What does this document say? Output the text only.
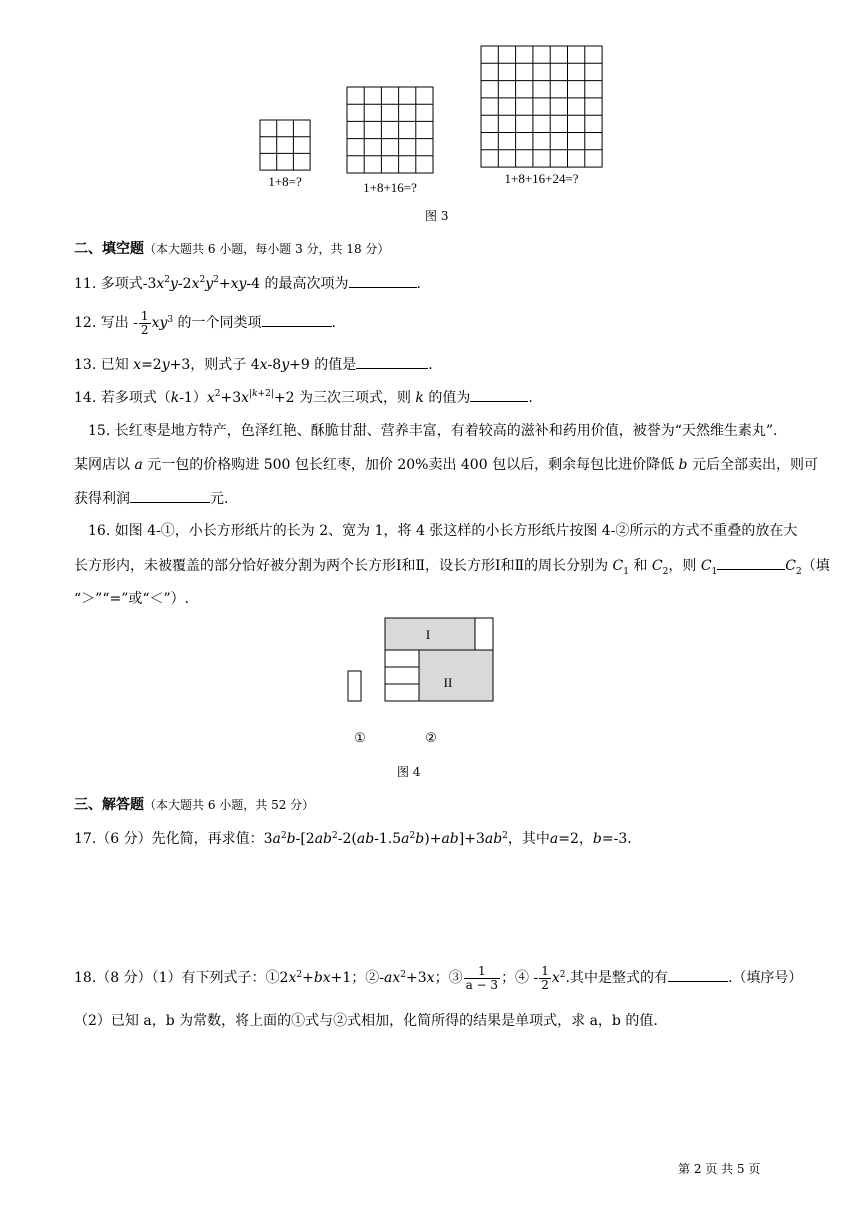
1+8=?	1+8+16=?
1+8+16+24=?
图 3
二、填空题（本大题共 6 小题，每小题 3 分，共 18 分）
11. 多项式$-3x^2y-2x^2y^2+xy-4$ 的最高次项为	.
12. 写出 - $\frac{1}{2} xy^3$ 的一个同类项	.
13. 已知 x=2y+3，则式子 4x-8y+9 的值是	.
14. 若多项式$(k-1)x^2+3x^{|k+2|}+2$ 为三次三项式，则 k 的值为	.
15. 长红枣是地方特产，色泽红艳、酥脆甘甜、营养丰富，有着较高的滋补和药用价值，被誉为“天然维生素丸”.
某网店以 a 元一包的价格购进 500 包长红枣，加价 20%卖出 400 包以后，剩余每包比进价降低 b 元后全部卖出，则可
获得利润	元.
16. 如图 4-①，小长方形纸片的长为 2、宽为 1，将 4 张这样的小长方形纸片按图 4-②所示的方式不重叠的放在大
长方形内，未被覆盖的部分恰好被分割为两个长方形Ⅰ和Ⅱ，设长方形Ⅰ和Ⅱ的周长分别为 $C_1$ 和 $C_2$，则 $C_1$	$C_2$（填
“＞”“=”或“＜”）.
I
II
①	②
图 4
三、解答题（本大题共 6 小题，共 52 分）
17.（6 分）先化简，再求值：$3a^2b-[2ab^2-2(ab-1.5a^2b)+ab]+3ab^2$，其中a=2，b=-3.
18.（8 分）（1）有下列式子：$①2x^2+bx+1$；$②-ax^2+3x$；③ $\frac{1}{a - 3}$ ；④ - $\frac{1}{2} x^2$.其中是整式的有	.（填序号）
（2）已知 a，b 为常数，将上面的①式与②式相加，化简所得的结果是单项式，求 a，b 的值.
第 2 页 共 5 页
